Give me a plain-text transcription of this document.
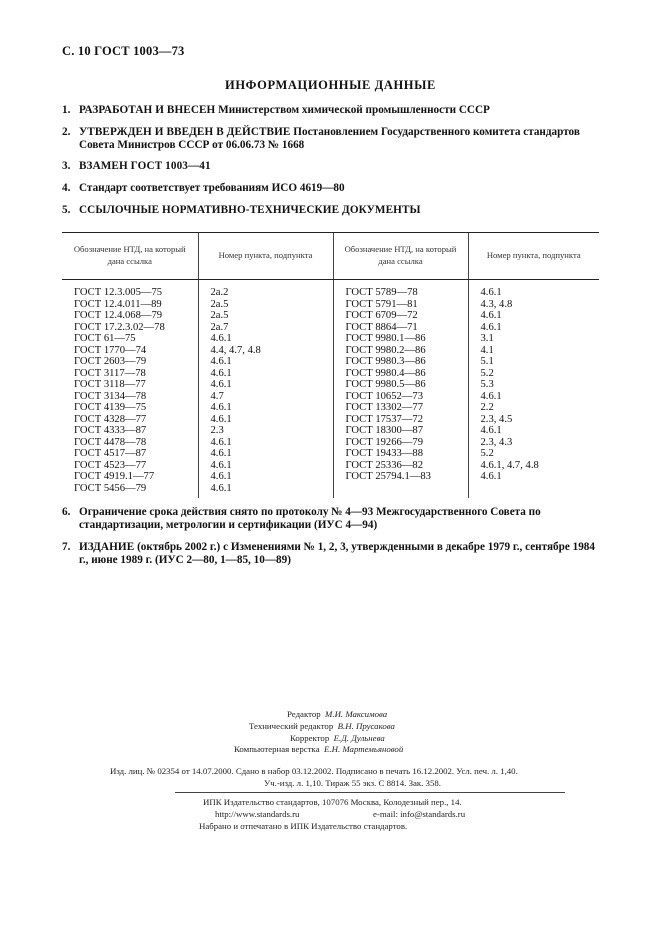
С. 10 ГОСТ 1003—73
ИНФОРМАЦИОННЫЕ ДАННЫЕ
1. РАЗРАБОТАН И ВНЕСЕН Министерством химической промышленности СССР
2. УТВЕРЖДЕН И ВВЕДЕН В ДЕЙСТВИЕ Постановлением Государственного комитета стандартов Совета Министров СССР от 06.06.73 № 1668
3. ВЗАМЕН ГОСТ 1003—41
4. Стандарт соответствует требованиям ИСО 4619—80
5. ССЫЛОЧНЫЕ НОРМАТИВНО-ТЕХНИЧЕСКИЕ ДОКУМЕНТЫ
Обозначение НТД, на который дана ссылка	Номер пункта, подпункта	Обозначение НТД, на который дана ссылка	Номер пункта, подпункта
ГОСТ 12.3.005—75	2а.2	ГОСТ 5789—78	4.6.1
ГОСТ 12.4.011—89	2а.5	ГОСТ 5791—81	4.3, 4.8
ГОСТ 12.4.068—79	2а.5	ГОСТ 6709—72	4.6.1
ГОСТ 17.2.3.02—78	2а.7	ГОСТ 8864—71	4.6.1
ГОСТ 61—75	4.6.1	ГОСТ 9980.1—86	3.1
ГОСТ 1770—74	4.4, 4.7, 4.8	ГОСТ 9980.2—86	4.1
ГОСТ 2603—79	4.6.1	ГОСТ 9980.3—86	5.1
ГОСТ 3117—78	4.6.1	ГОСТ 9980.4—86	5.2
ГОСТ 3118—77	4.6.1	ГОСТ 9980.5—86	5.3
ГОСТ 3134—78	4.7	ГОСТ 10652—73	4.6.1
ГОСТ 4139—75	4.6.1	ГОСТ 13302—77	2.2
ГОСТ 4328—77	4.6.1	ГОСТ 17537—72	2.3, 4.5
ГОСТ 4333—87	2.3	ГОСТ 18300—87	4.6.1
ГОСТ 4478—78	4.6.1	ГОСТ 19266—79	2.3, 4.3
ГОСТ 4517—87	4.6.1	ГОСТ 19433—88	5.2
ГОСТ 4523—77	4.6.1	ГОСТ 25336—82	4.6.1, 4.7, 4.8
ГОСТ 4919.1—77	4.6.1	ГОСТ 25794.1—83	4.6.1
ГОСТ 5456—79	4.6.1		
6. Ограничение срока действия снято по протоколу № 4—93 Межгосударственного Совета по стандартизации, метрологии и сертификации (ИУС 4—94)
7. ИЗДАНИЕ (октябрь 2002 г.) с Изменениями № 1, 2, 3, утвержденными в декабре 1979 г., сентябре 1984 г., июне 1989 г. (ИУС 2—80, 1—85, 10—89)
Редактор М.И. Максимова
Технический редактор В.Н. Прусакова
Корректор Е.Д. Дульнева
Компьютерная верстка Е.Н. Мартемьяновой
Изд. лиц. № 02354 от 14.07.2000. Сдано в набор 03.12.2002. Подписано в печать 16.12.2002. Усл. печ. л. 1,40.
Уч.-изд. л. 1,10. Тираж 55 экз. С 8814. Зак. 358.
ИПК Издательство стандартов, 107076 Москва, Колодезный пер., 14.
http://www.standards.ru	e-mail: info@standards.ru
Набрано и отпечатано в ИПК Издательство стандартов.
